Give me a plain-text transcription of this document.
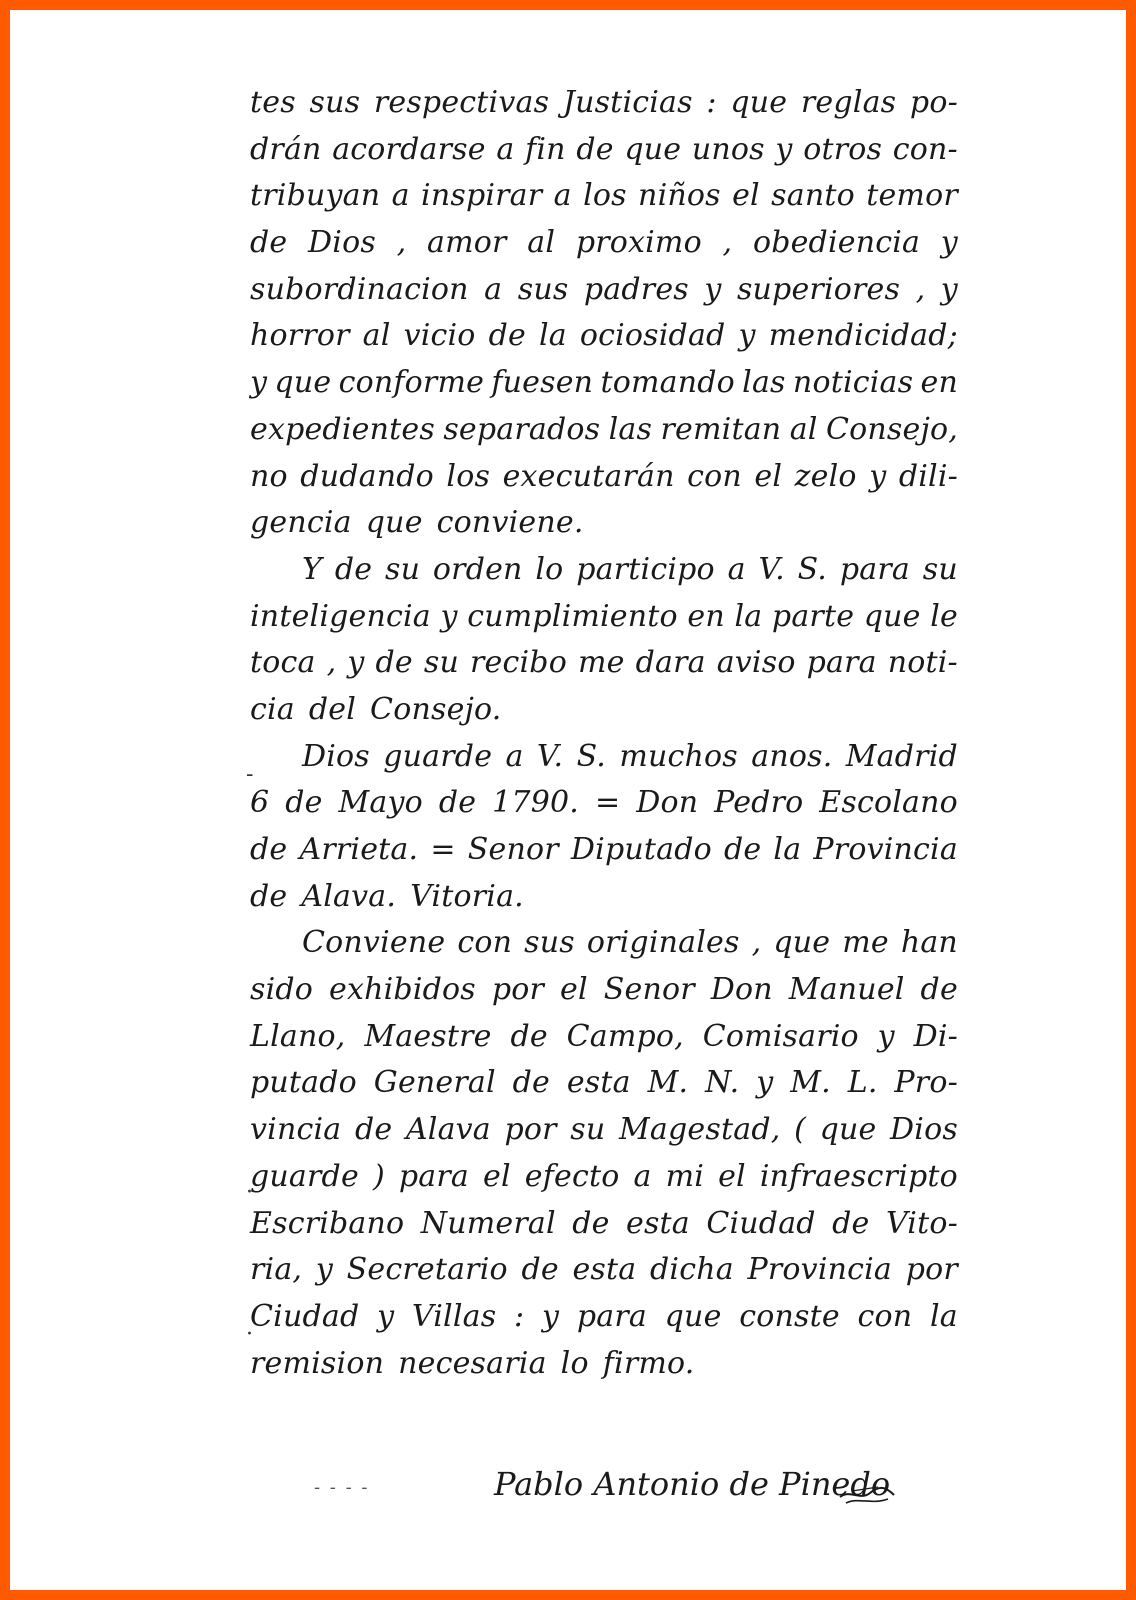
tes sus respectivas Justicias : que reglas po-
drán acordarse a fin de que unos y otros con-
tribuyan a inspirar a los niños el santo temor
de Dios , amor al proximo , obediencia y
subordinacion a sus padres y superiores , y
horror al vicio de la ociosidad y mendicidad;
y que conforme fuesen tomando las noticias en
expedientes separados las remitan al Consejo,
no dudando los executarán con el zelo y dili-
gencia que conviene.
Y de su orden lo participo a V. S. para su
inteligencia y cumplimiento en la parte que le
toca , y de su recibo me dara aviso para noti-
cia del Consejo.
Dios guarde a V. S. muchos anos. Madrid
6 de Mayo de 1790. = Don Pedro Escolano
de Arrieta. = Senor Diputado de la Provincia
de Alava. Vitoria.
Conviene con sus originales , que me han
sido exhibidos por el Senor Don Manuel de
Llano, Maestre de Campo, Comisario y Di-
putado General de esta M. N. y M. L. Pro-
vincia de Alava por su Magestad, ( que Dios
guarde ) para el efecto a mi el infraescripto
Escribano Numeral de esta Ciudad de Vito-
ria, y Secretario de esta dicha Provincia por
Ciudad y Villas : y para que conste con la
remision necesaria lo firmo.
-
·
·
- - - -	Pablo Antonio de Pinedo
